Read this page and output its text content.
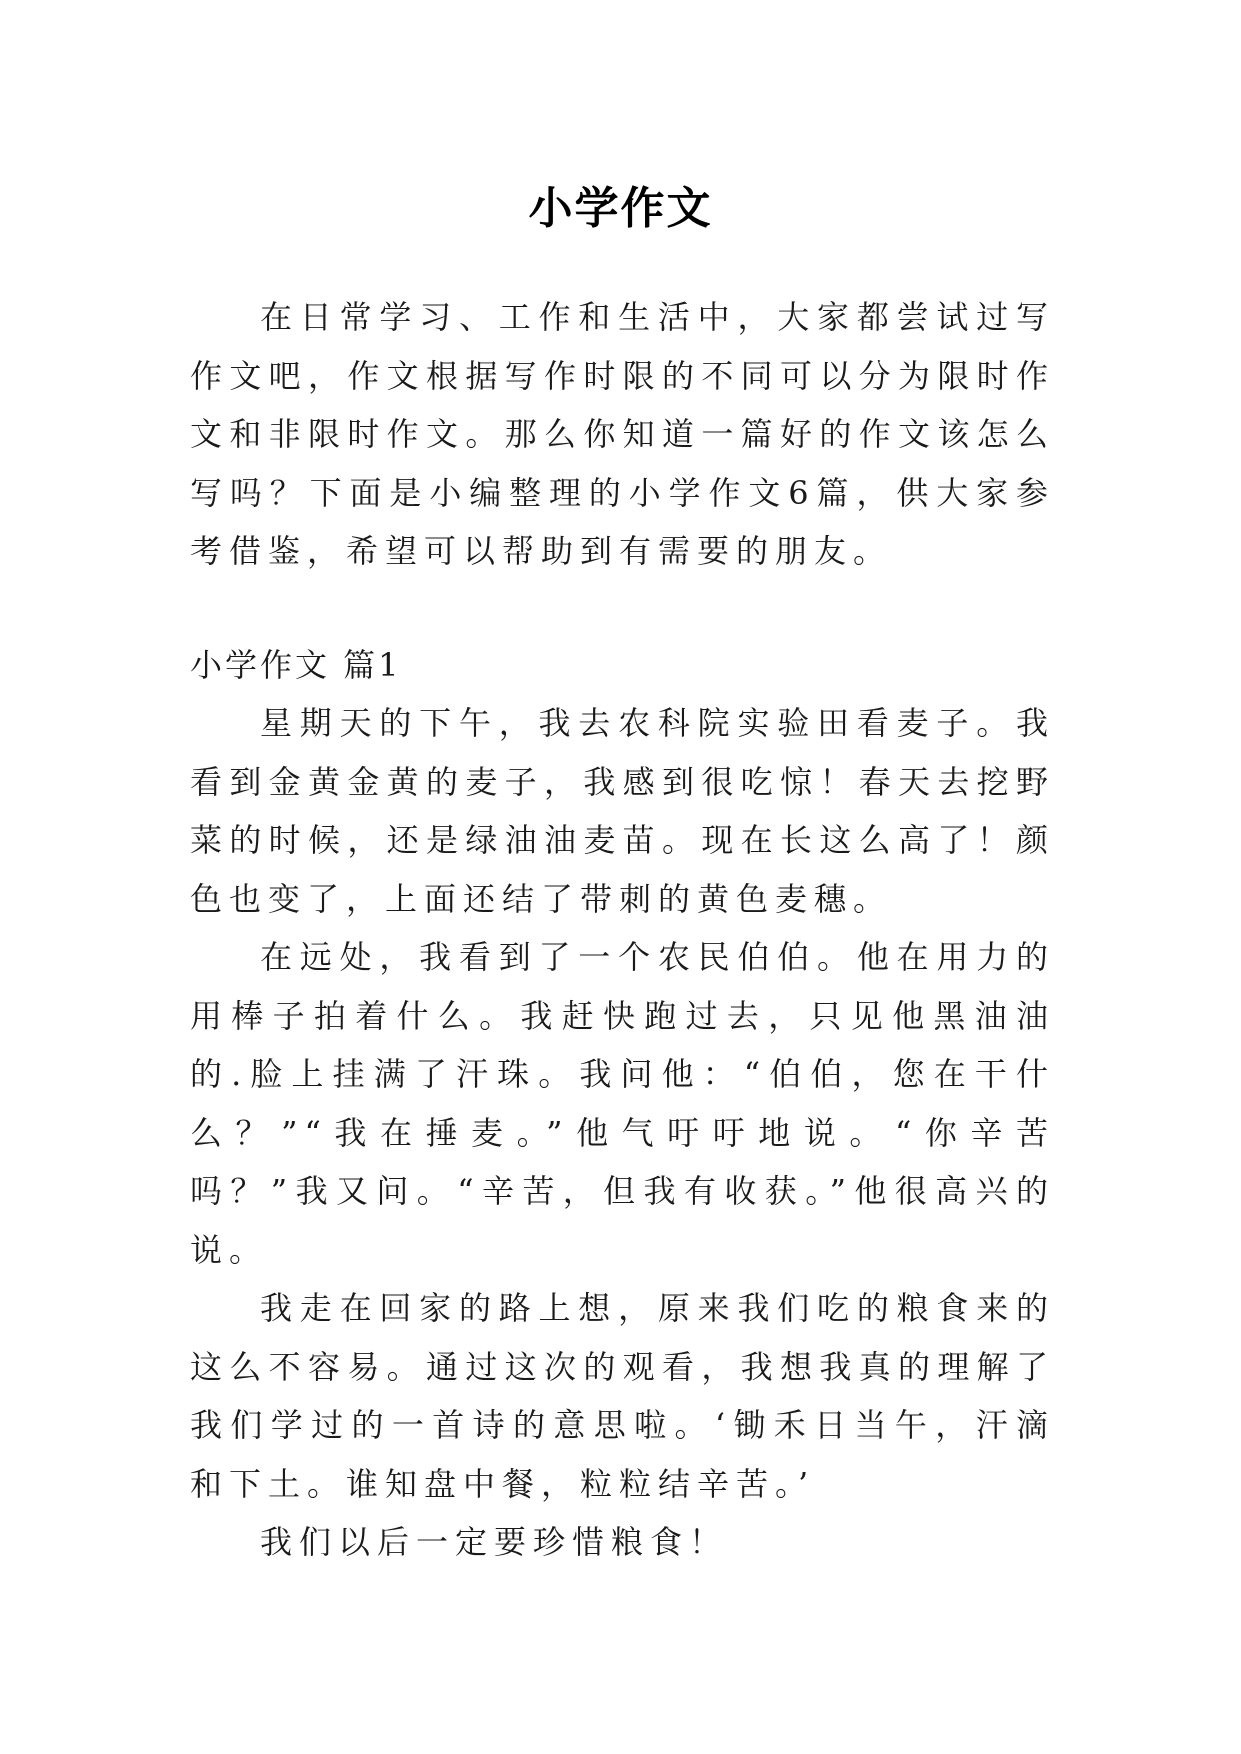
小学作文

在日常学习、工作和生活中，大家都尝试过写作文吧，作文根据写作时限的不同可以分为限时作文和非限时作文。那么你知道一篇好的作文该怎么写吗？下面是小编整理的小学作文6篇，供大家参考借鉴，希望可以帮助到有需要的朋友。

小学作文 篇1

星期天的下午，我去农科院实验田看麦子。我看到金黄金黄的麦子，我感到很吃惊！春天去挖野菜的时候，还是绿油油麦苗。现在长这么高了！颜色也变了，上面还结了带刺的黄色麦穗。

在远处，我看到了一个农民伯伯。他在用力的用棒子拍着什么。我赶快跑过去，只见他黑油油的.脸上挂满了汗珠。我问他：“伯伯，您在干什么？”“我在捶麦。”他气吁吁地说。“你辛苦吗？”我又问。“辛苦，但我有收获。”他很高兴的说。

我走在回家的路上想，原来我们吃的粮食来的这么不容易。通过这次的观看，我想我真的理解了我们学过的一首诗的意思啦。‘锄禾日当午，汗滴和下土。谁知盘中餐，粒粒结辛苦。’

我们以后一定要珍惜粮食！
